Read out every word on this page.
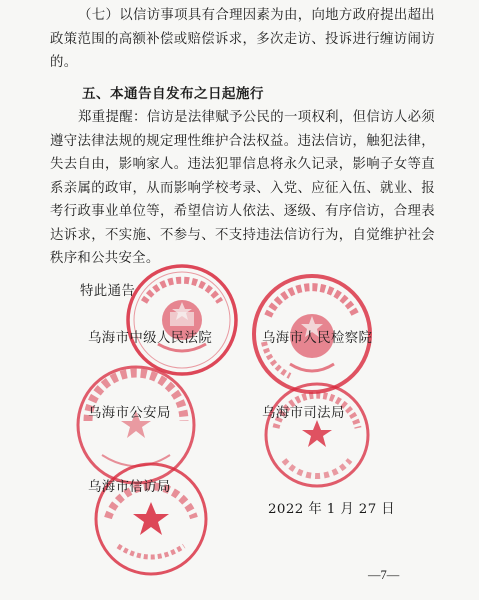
（七）以信访事项具有合理因素为由，向地方政府提出超出政策范围的高额补偿或赔偿诉求，多次走访、投诉进行缠访闹访的。

五、本通告自发布之日起施行

郑重提醒：信访是法律赋予公民的一项权利，但信访人必须遵守法律法规的规定理性维护合法权益。违法信访，触犯法律，失去自由，影响家人。违法犯罪信息将永久记录，影响子女等直系亲属的政审，从而影响学校考录、入党、应征入伍、就业、报考行政事业单位等，希望信访人依法、逐级、有序信访，合理表达诉求，不实施、不参与、不支持违法信访行为，自觉维护社会秩序和公共安全。

特此通告
乌海市中级人民法院	乌海市人民检察院
乌海市公安局	乌海市司法局
乌海市信访局
2022 年 1 月 27 日
—7—
